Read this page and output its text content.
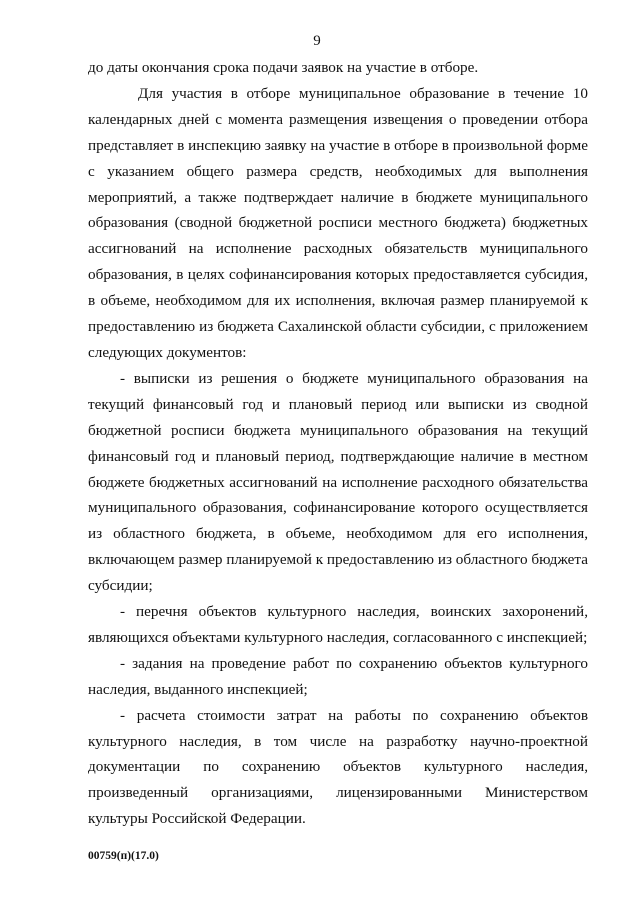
9

до даты окончания срока подачи заявок на участие в отборе.

Для участия в отборе муниципальное образование в течение 10 календарных дней с момента размещения извещения о проведении отбора представляет в инспекцию заявку на участие в отборе в произвольной форме с указанием общего размера средств, необходимых для выполнения мероприятий, а также подтверждает наличие в бюджете муниципального образования (сводной бюджетной росписи местного бюджета) бюджетных ассигнований на исполнение расходных обязательств муниципального образования, в целях софинансирования которых предоставляется субсидия, в объеме, необходимом для их исполнения, включая размер планируемой к предоставлению из бюджета Сахалинской области субсидии, с приложением следующих документов:

- выписки из решения о бюджете муниципального образования на текущий финансовый год и плановый период или выписки из сводной бюджетной росписи бюджета муниципального образования на текущий финансовый год и плановый период, подтверждающие наличие в местном бюджете бюджетных ассигнований на исполнение расходного обязательства муниципального образования, софинансирование которого осуществляется из областного бюджета, в объеме, необходимом для его исполнения, включающем размер планируемой к предоставлению из областного бюджета субсидии;

- перечня объектов культурного наследия, воинских захоронений, являющихся объектами культурного наследия, согласованного с инспекцией;

- задания на проведение работ по сохранению объектов культурного наследия, выданного инспекцией;

- расчета стоимости затрат на работы по сохранению объектов культурного наследия, в том числе на разработку научно-проектной документации по сохранению объектов культурного наследия, произведенный организациями, лицензированными Министерством культуры Российской Федерации.

00759(п)(17.0)
